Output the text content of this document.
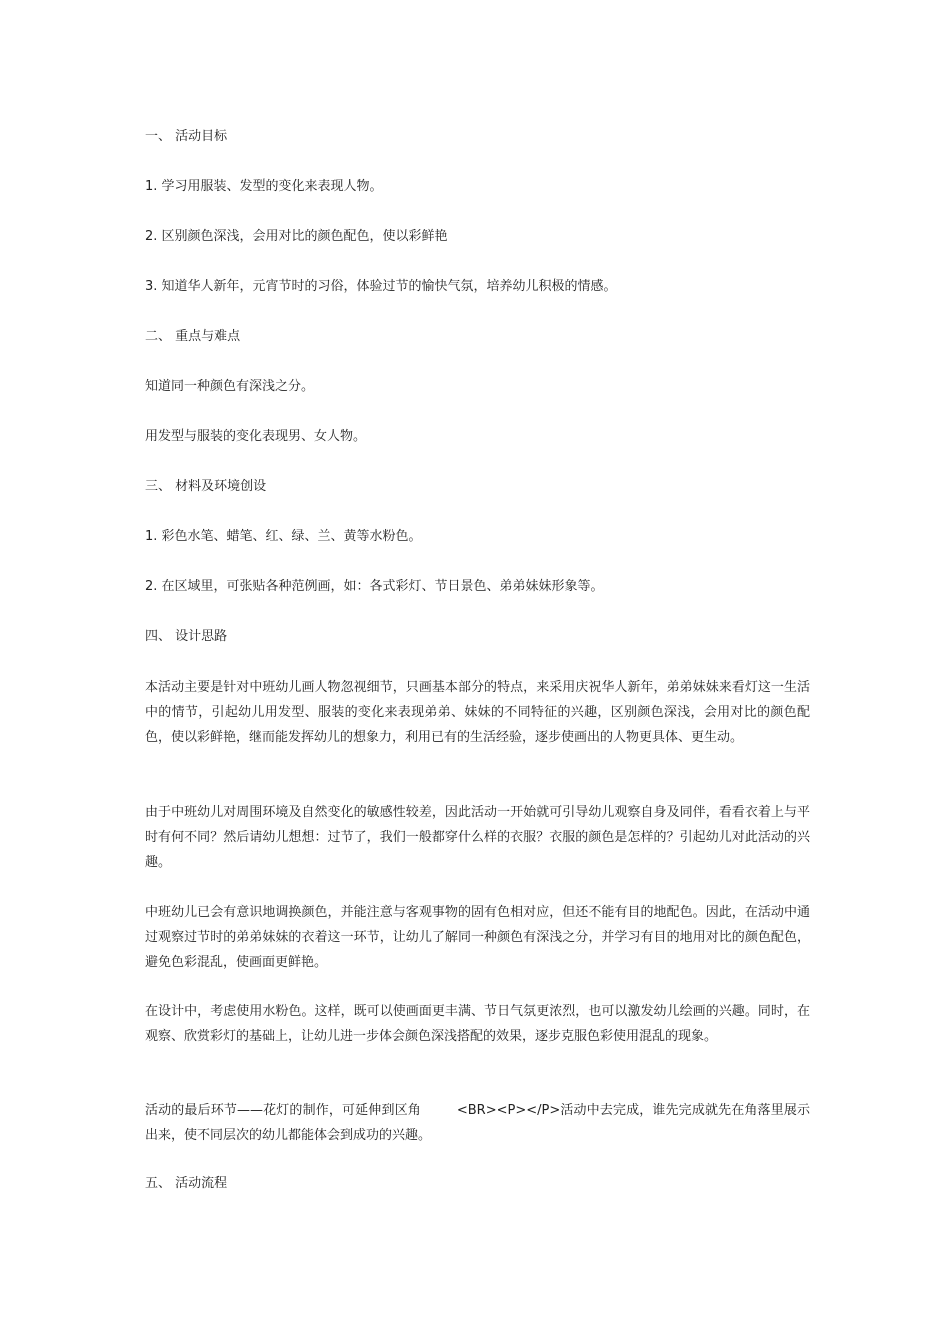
一、 活动目标
1. 学习用服装、发型的变化来表现人物。
2. 区别颜色深浅，会用对比的颜色配色，使以彩鲜艳
3. 知道华人新年，元宵节时的习俗，体验过节的愉快气氛，培养幼儿积极的情感。
二、 重点与难点
知道同一种颜色有深浅之分。
用发型与服装的变化表现男、女人物。
三、 材料及环境创设
1. 彩色水笔、蜡笔、红、绿、兰、黄等水粉色。
2. 在区域里，可张贴各种范例画，如：各式彩灯、节日景色、弟弟妹妹形象等。
四、 设计思路
本活动主要是针对中班幼儿画人物忽视细节，只画基本部分的特点，来采用庆祝华人新年，弟弟妹妹来看灯这一生活中的情节，引起幼儿用发型、服装的变化来表现弟弟、妹妹的不同特征的兴趣，区别颜色深浅，会用对比的颜色配色，使以彩鲜艳，继而能发挥幼儿的想象力，利用已有的生活经验，逐步使画出的人物更具体、更生动。
由于中班幼儿对周围环境及自然变化的敏感性较差，因此活动一开始就可引导幼儿观察自身及同伴，看看衣着上与平时有何不同？然后请幼儿想想：过节了，我们一般都穿什么样的衣服？衣服的颜色是怎样的？引起幼儿对此活动的兴趣。
中班幼儿已会有意识地调换颜色，并能注意与客观事物的固有色相对应，但还不能有目的地配色。因此，在活动中通过观察过节时的弟弟妹妹的衣着这一环节，让幼儿了解同一种颜色有深浅之分，并学习有目的地用对比的颜色配色，避免色彩混乱，使画面更鲜艳。
在设计中，考虑使用水粉色。这样，既可以使画面更丰满、节日气氛更浓烈，也可以激发幼儿绘画的兴趣。同时，在观察、欣赏彩灯的基础上，让幼儿进一步体会颜色深浅搭配的效果，逐步克服色彩使用混乱的现象。
活动的最后环节——花灯的制作，可延伸到区角	<BR><P></P>活动中去完成，谁先完成就先在角落里展示出来，使不同层次的幼儿都能体会到成功的兴趣。
五、 活动流程
